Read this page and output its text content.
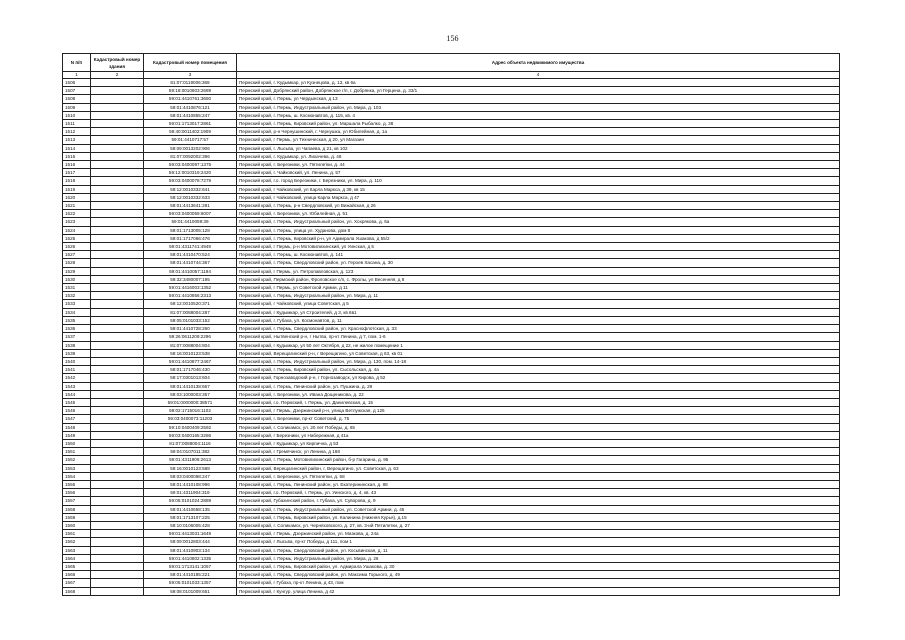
156
N п/п	Кадастровый номер здания	Кадастровый номер помещения	Адрес объекта недвижимого имущества
1	2	3	4
1506		81:07:0119006:369	Пермский край, г. Кудымкар, ул Кузнецова, д. 13, кв 6а
1507		59:18:0010603:2689	Пермский край, Добрянский район, Добрянское г/п, г. Добрянка, ул Герцена, д. 33/1
1508		59:01:4410761:3650	Пермский край, г. Пермь, ул Чердынская, д 13
1509		59:01:4410876:121	Пермский край, г. Пермь, Индустриальный район, ул. Мира, д. 103
1510		59:01:4410855:247	Пермский край, г. Пермь, ш. Космонавтов, д. 115, кв. 4
1511		59:01:1713017:2861	Пермский край, г. Пермь, Кировский район, ул. Маршала Рыбалко, д. 38
1512		59:40:0011402:1909	Пермский край, р-н Чернушинский, г. Чернушка, ул Юбилейная, д. 1а
1513		59:01:4410717:57	Пермский край, г Пермь, ул Техническая, д 20, ул Магазин
1514		59:09:0013202:906	Пермский край, г. Лысьва, ул Чапаева, д 21, кв 102
1515		81:07:0092002:396	Пермский край, г. Кудымкар, ул. Лихачева, д. 48
1516		59:03:0400097:1375	Пермский край, г. Березники, ул. Пятилетки, д. 44
1517		59:12:0010319:2420	Пермский край, г. Чайковский, ул. Ленина, д. 57
1518		59:03:0400078:7279	Пермский край, г.о. город Березники, г. Березники, ул. Мира, д. 110
1519		59:12:0010332:641	Пермский край, г Чайковский, ул Карла Маркса, д 39, кв 15
1520		59:12:0010332:633	Пермский край, г Чайковский, улица Карла Маркса, д 47
1521		59:01:4413641:281	Пермский край, г. Пермь, р-н Свердловский, ул Вижайская, д 26
1522		59:03:0400059:6007	Пермский край, г. Березники, ул. Юбилейная, д. 51
1523		59:01:4410059:39	Пермский край, г. Пермь, Индустриальный район, ул. Хохрякова, д. 6а
1524		59:01:1713005:128	Пермский край, г. Пермь, улица ул. Худанова, дом 8
1525		59:01:1717066:476	Пермский край, г. Пермь, Кировский р-н, ул Адмирала Ушакова, д 55/2
1526		59:01:4311741:4949	Пермский край, г Пермь, р-н Мотовилихинский, ул Уинская, д 5
1527		59:01:4410470:524	Пермский край, г. Пермь, ш. Космонавтов, д. 141
1528		59:01:4410744:367	Пермский край, г. Пермь, Свердловский район, ул. Героев Хасана, д. 30
1529		59:01:4410057:1194	Пермский край, г Пермь, ул. Петропавловская, д. 123
1530		59:32:3480007:195	Пермский край, Пермский район, Фроловское с/п, с. Фролы, ул Весенняя, д 8
1531		59:01:4416003:1352	Пермский край, г Пермь, ул Советской Армии, д 11
1532		59:01:4410856:2313	Пермский край, г. Пермь, Индустриальный район, ул. Мира, д. 11
1533		59:12:0010520:371	Пермский край, г Чайковский, улица Советская, д 5
1534		81:07:0088004:287	Пермский край, г Кудымкар, ул Строителей, д 3, кв 6в1
1535		59:05:0101033:152	Пермский край, г. Губаха, ул. Космонавтов, д. 11
1536		59:01:4410728:260	Пермский край, г. Пермь, Свердловский район, ул. Краснофлотская, д. 33
1537		59:26:0611209:2296	Пермский край, Нытвенский р-н, г Нытва, пр-кт Ленина, д 7, пом. 1-6
1538		81:07:0088004:804	Пермский край, г Кудымкар, ул 50 лет Октября, д 22, не жилое помещение 1
1539		59:16:0010123:538	Пермский край, Верещагинский р-н, г Верещагино, ул Советская, д 63, кв 01
1540		59:01:4410877:2467	Пермский край, г. Пермь, Индустриальный район, ул. Мира, д. 130, пом. 14-18
1541		59:01:1717046:430	Пермский край, г. Пермь, Кировский район, ул. Сысольская, д. 4а
1542		59:17:0301013:604	Пермский край, Горнозаводский р-н, г Горнозаводск, ул Кирова, д 52
1543		59:01:4410138:667	Пермский край, г. Пермь, Ленинский район, ул. Пушкина, д. 29
1544		59:03:1000003:357	Пермский край, г. Березники, ул. Ивана Дощеникова, д. 22
1545		59:01:0000000:38571	Пермский край, г.о. Пермский, г. Пермь, ул. Данилевская, д. 15
1546		59:02:1715016:1102	Пермский край, г Пермь, Дзержинский р-н, улица Ветлужская, д 125
1547		59:03:0400073:11203	Пермский край, г. Березники, пр-кт Советский, д. 75
1548		59:10:0400409:2592	Пермский край, г. Соликамск, ул. 20 лет Победы, д. 65
1549		59:03:0400165:3286	Пермский край, г Березники, ул Набережная, д 41а
1550		81:07:0088004:1116	Пермский край, г Кудымкар, ул Кирпична, д 53
1551		59:04:0107011:382	Пермский край, г Гремячинск, ул Ленина, д 168
1552		59:01:4311906:2613	Пермский край, г. Пермь, Мотовилихинский район, б-р Гагарина, д. 95
1553		59:16:0010123:588	Пермский край, Верещагинский район, г. Верещагино, ул. Советская, д. 63
1554		59:03:0400098:247	Пермский край, г. Березники, ул. Пятилетки, д. 58
1555		59:01:4410108:996	Пермский край, г. Пермь, Ленинский район, ул. Екатерининская, д. 88
1556		59:01:4311904:319	Пермский край, г.о. Пермский, г. Пермь, ул. Уинского, д. 4, кв. 43
1557		59:05:0101024:2889	Пермский край, Губахинский район, г. Губаха, ул. Суворова, д. 9
1558		59:01:4410658:135	Пермский край, г. Пермь, Индустриальный район, ул. Советской Армии, д. 45
1559		59:01:1713107:225	Пермский край, г. Пермь, Кировский район, ул. Калинина (Нижняя Курья), д.15
1560		59:10:0106005:428	Пермский край, г. Соликамск, ул. Черняховского, д. 27, кв. 3-ий Пятилетки, д. 27
1561		59:01:4413031:1649	Пермский край, г Пермь, Дзержинский район, ул. Мазкова, д. 24а
1562		59:09:0012803:444	Пермский край, г Лысьва, пр-кт Победы, д 111, пом 1
1563		59:01:4410903:134	Пермский край, г. Пермь, Свердловский район, ул. Косьвинская, д. 11
1564		59:01:4410802:1335	Пермский край, г. Пермь, Индустриальный район, ул. Мира, д. 26
1565		59:01:1713141:1057	Пермский край, г. Пермь, Кировский район, ул. Адмирала Ушакова, д. 30
1566		59:01:4410185:221	Пермский край, г. Пермь, Свердловский район, ул. Максима Горького, д. 49
1567		59:05:0101033:1357	Пермский край, г Губаха, пр-кт Ленина, д 43, пом
1568		59:08:0101009:651	Пермский край, г Кунгур, улица Ленина, д 42
